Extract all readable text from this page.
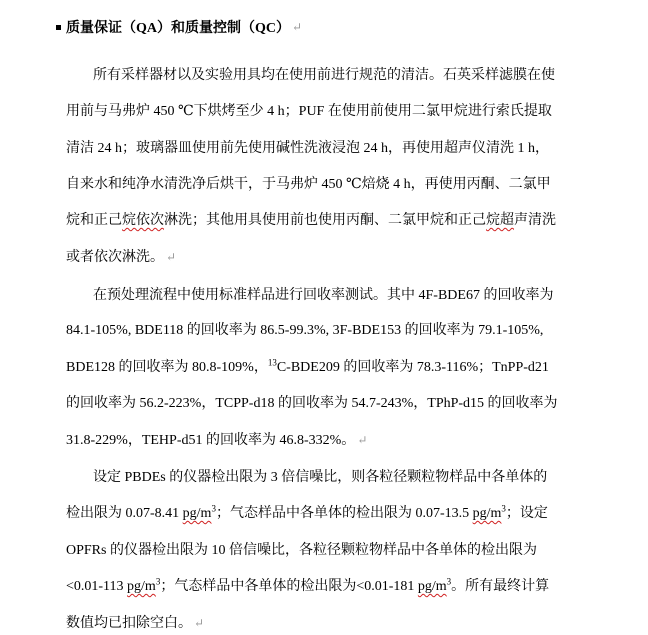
质量保证（QA）和质量控制（QC） ↵
所有采样器材以及实验用具均在使用前进行规范的清洁。石英采样滤膜在使
用前与马弗炉 450 ℃下烘烤至少 4 h；PUF 在使用前使用二氯甲烷进行索氏提取
清洁 24 h；玻璃器皿使用前先使用碱性洗液浸泡 24 h，再使用超声仪清洗 1 h，
自来水和纯净水清洗净后烘干，于马弗炉 450 ℃焙烧 4 h，再使用丙酮、二氯甲
烷和正己烷依次淋洗；其他用具使用前也使用丙酮、二氯甲烷和正己烷超声清洗
或者依次淋洗。 ↵
在预处理流程中使用标准样品进行回收率测试。其中 4F-BDE67 的回收率为
84.1-105%, BDE118 的回收率为 86.5-99.3%, 3F-BDE153 的回收率为 79.1-105%,
BDE128 的回收率为 80.8-109%，$^{13}$C-BDE209 的回收率为 78.3-116%；TnPP-d21
的回收率为 56.2-223%，TCPP-d18 的回收率为 54.7-243%，TPhP-d15 的回收率为
31.8-229%，TEHP-d51 的回收率为 46.8-332%。 ↵
设定 PBDEs 的仪器检出限为 3 倍信噪比，则各粒径颗粒物样品中各单体的
检出限为 0.07-8.41 $pg/m^3$；气态样品中各单体的检出限为 0.07-13.5 $pg/m^3$；设定
OPFRs 的仪器检出限为 10 倍信噪比，各粒径颗粒物样品中各单体的检出限为
<0.01-113 $pg/m^3$；气态样品中各单体的检出限为<0.01-181 $pg/m^3$。所有最终计算
数值均已扣除空白。 ↵
